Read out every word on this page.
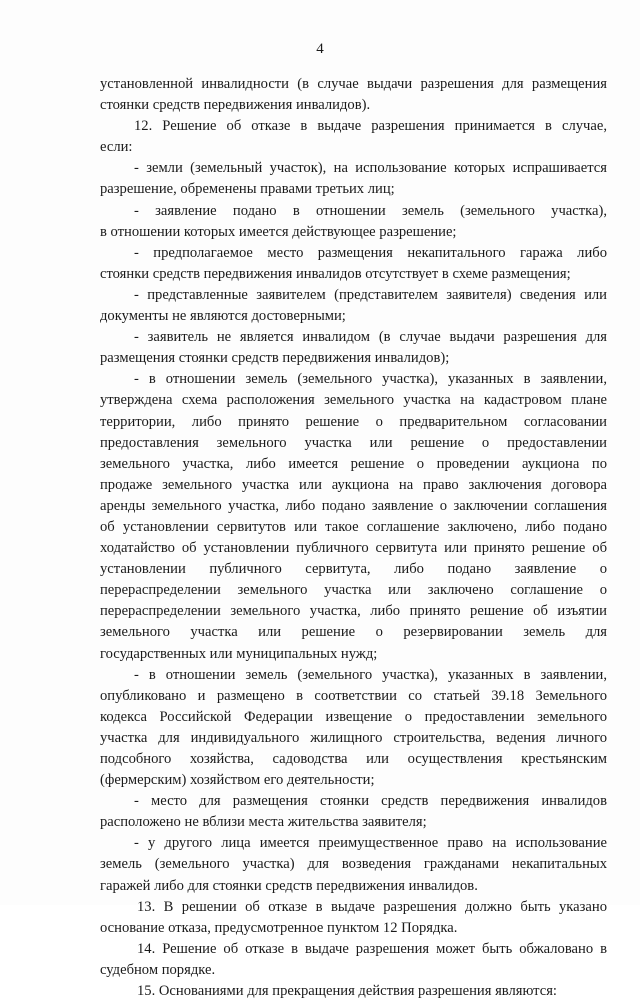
4
установленной инвалидности (в случае выдачи разрешения для размещения
стоянки средств передвижения инвалидов).
12. Решение об отказе в выдаче разрешения принимается в случае,
если:
- земли (земельный участок), на использование которых испрашивается
разрешение, обременены правами третьих лиц;
- заявление подано в отношении земель (земельного участка),
в отношении которых имеется действующее разрешение;
- предполагаемое место размещения некапитального гаража либо
стоянки средств передвижения инвалидов отсутствует в схеме размещения;
- представленные заявителем (представителем заявителя) сведения или
документы не являются достоверными;
- заявитель не является инвалидом (в случае выдачи разрешения для
размещения стоянки средств передвижения инвалидов);
- в отношении земель (земельного участка), указанных в заявлении,
утверждена схема расположения земельного участка на кадастровом плане
территории, либо принято решение о предварительном согласовании
предоставления земельного участка или решение о предоставлении
земельного участка, либо имеется решение о проведении аукциона по
продаже земельного участка или аукциона на право заключения договора
аренды земельного участка, либо подано заявление о заключении соглашения
об установлении сервитутов или такое соглашение заключено, либо подано
ходатайство об установлении публичного сервитута или принято решение об
установлении публичного сервитута, либо подано заявление о
перераспределении земельного участка или заключено соглашение о
перераспределении земельного участка, либо принято решение об изъятии
земельного участка или решение о резервировании земель для
государственных или муниципальных нужд;
- в отношении земель (земельного участка), указанных в заявлении,
опубликовано и размещено в соответствии со статьей 39.18 Земельного
кодекса Российской Федерации извещение о предоставлении земельного
участка для индивидуального жилищного строительства, ведения личного
подсобного хозяйства, садоводства или осуществления крестьянским
(фермерским) хозяйством его деятельности;
- место для размещения стоянки средств передвижения инвалидов
расположено не вблизи места жительства заявителя;
- у другого лица имеется преимущественное право на использование
земель (земельного участка) для возведения гражданами некапитальных
гаражей либо для стоянки средств передвижения инвалидов.
13. В решении об отказе в выдаче разрешения должно быть указано
основание отказа, предусмотренное пунктом 12 Порядка.
14. Решение об отказе в выдаче разрешения может быть обжаловано в
судебном порядке.
15. Основаниями для прекращения действия разрешения являются:
